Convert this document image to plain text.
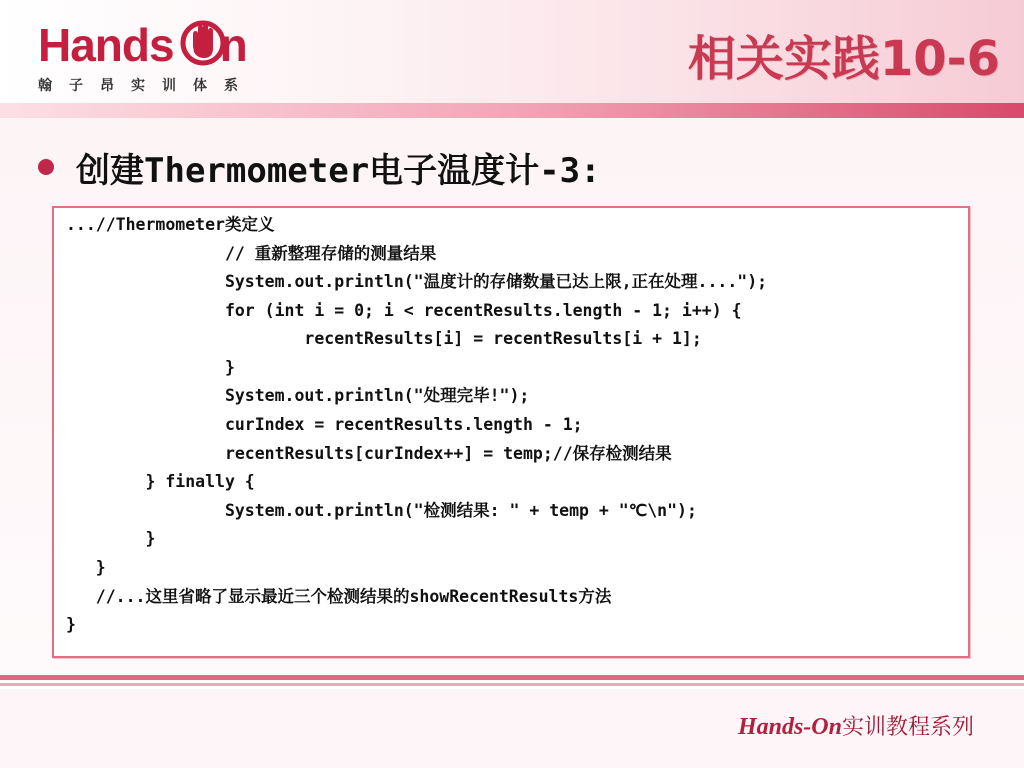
Hands n
翰子昂实训体系	相关实践10-6
创建Thermometer电子温度计-3:
...//Thermometer类定义
// 重新整理存储的测量结果
System.out.println("温度计的存储数量已达上限,正在处理....");
for (int i = 0; i < recentResults.length - 1; i++) {
recentResults[i] = recentResults[i + 1];
}
System.out.println("处理完毕!");
curIndex = recentResults.length - 1;
recentResults[curIndex++] = temp;//保存检测结果
} finally {
System.out.println("检测结果: " + temp + "℃\n");
}
}
//...这里省略了显示最近三个检测结果的showRecentResults方法
}
Hands-On实训教程系列
